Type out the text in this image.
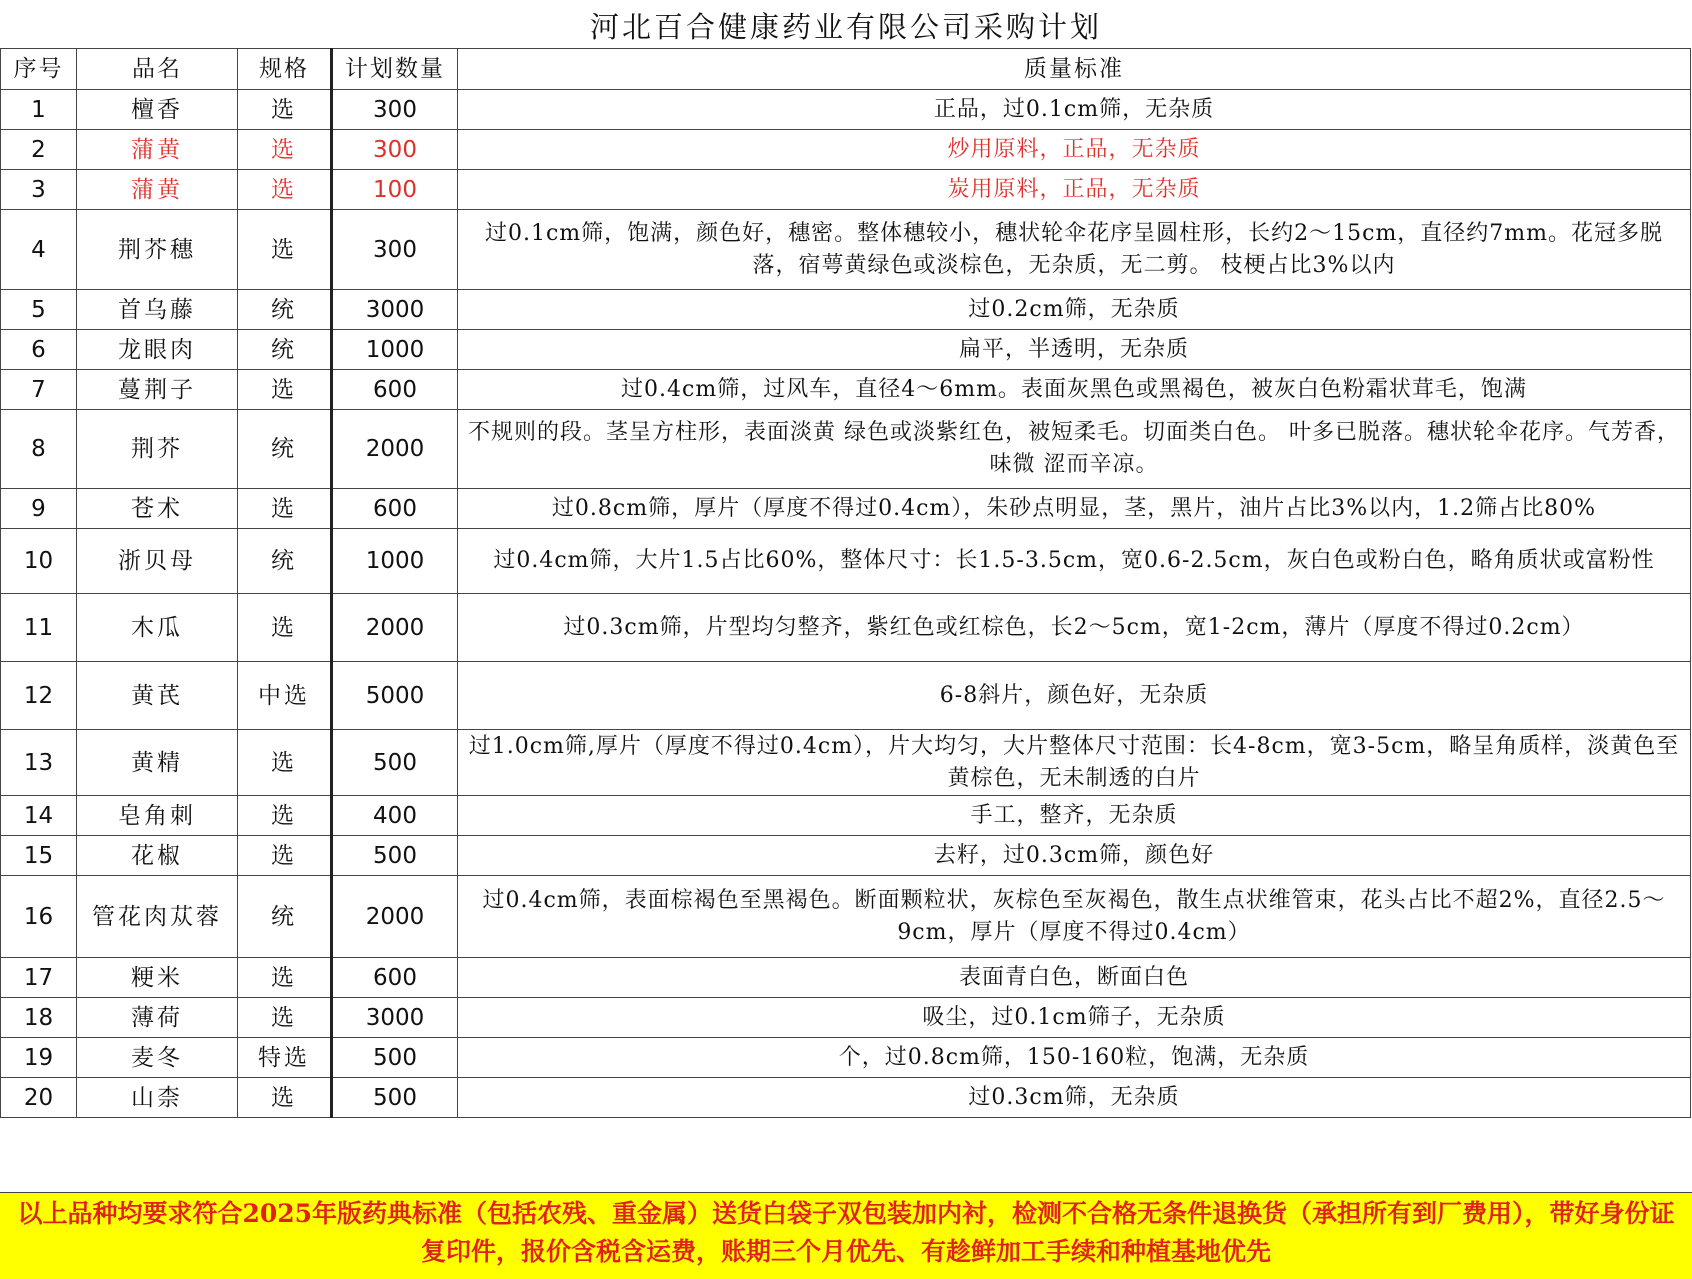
河北百合健康药业有限公司采购计划
序号	品名	规格	计划数量	质量标准
1	檀香	选	300	正品，过0.1cm筛，无杂质
2	蒲黄	选	300	炒用原料，正品，无杂质
3	蒲黄	选	100	炭用原料，正品，无杂质
4	荆芥穗	选	300	过0.1cm筛，饱满，颜色好，穗密。整体穗较小，穗状轮伞花序呈圆柱形，长约2～15cm，直径约7mm。花冠多脱落，宿萼黄绿色或淡棕色，无杂质，无二剪。 枝梗占比3%以内
5	首乌藤	统	3000	过0.2cm筛，无杂质
6	龙眼肉	统	1000	扁平，半透明，无杂质
7	蔓荆子	选	600	过0.4cm筛，过风车，直径4～6mm。表面灰黑色或黑褐色，被灰白色粉霜状茸毛，饱满
8	荆芥	统	2000	不规则的段。茎呈方柱形，表面淡黄 绿色或淡紫红色，被短柔毛。切面类白色。 叶多已脱落。穗状轮伞花序。气芳香，味微 涩而辛凉。
9	苍术	选	600	过0.8cm筛，厚片（厚度不得过0.4cm），朱砂点明显，茎，黑片，油片占比3%以内，1.2筛占比80%
10	浙贝母	统	1000	过0.4cm筛，大片1.5占比60%，整体尺寸：长1.5-3.5cm，宽0.6-2.5cm，灰白色或粉白色，略角质状或富粉性
11	木瓜	选	2000	过0.3cm筛，片型均匀整齐，紫红色或红棕色，长2～5cm，宽1-2cm，薄片（厚度不得过0.2cm）
12	黄芪	中选	5000	6-8斜片，颜色好，无杂质
13	黄精	选	500	过1.0cm筛,厚片（厚度不得过0.4cm），片大均匀，大片整体尺寸范围：长4-8cm，宽3-5cm，略呈角质样，淡黄色至黄棕色，无未制透的白片
14	皂角刺	选	400	手工，整齐，无杂质
15	花椒	选	500	去籽，过0.3cm筛，颜色好
16	管花肉苁蓉	统	2000	过0.4cm筛，表面棕褐色至黑褐色。断面颗粒状，灰棕色至灰褐色，散生点状维管束，花头占比不超2%，直径2.5～9cm，厚片（厚度不得过0.4cm）
17	粳米	选	600	表面青白色，断面白色
18	薄荷	选	3000	吸尘，过0.1cm筛子，无杂质
19	麦冬	特选	500	个，过0.8cm筛，150-160粒，饱满，无杂质
20	山柰	选	500	过0.3cm筛，无杂质
以上品种均要求符合2025年版药典标准（包括农残、重金属）送货白袋子双包装加内衬，检测不合格无条件退换货（承担所有到厂费用），带好身份证复印件，报价含税含运费，账期三个月优先、有趁鲜加工手续和种植基地优先
